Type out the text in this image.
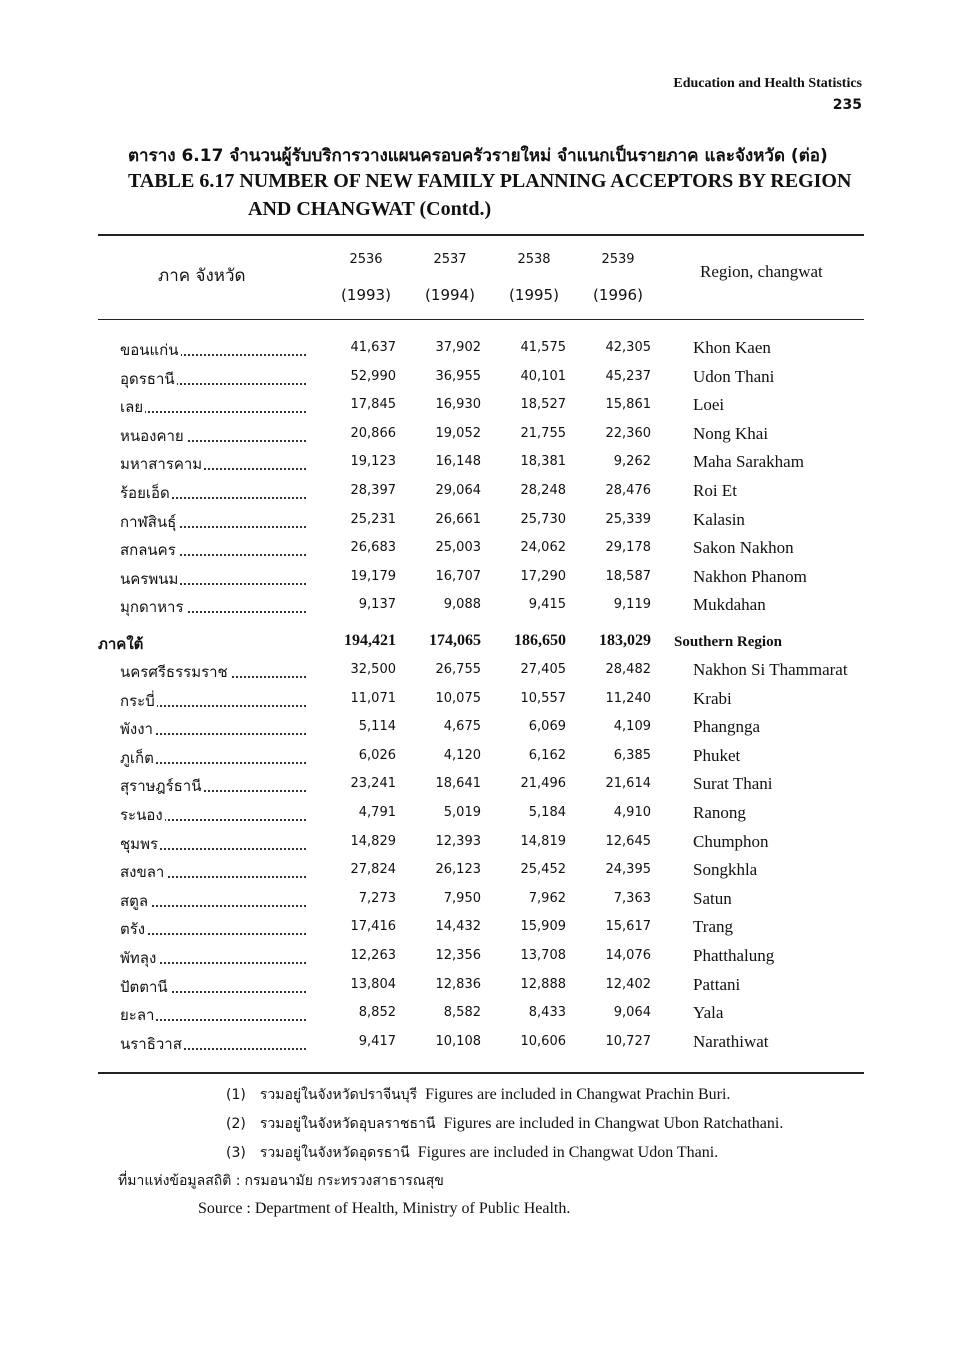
Education and Health Statistics
235
ตาราง 6.17 จำนวนผู้รับบริการวางแผนครอบครัวรายใหม่ จำแนกเป็นรายภาค และจังหวัด (ต่อ)
TABLE 6.17 NUMBER OF NEW FAMILY PLANNING ACCEPTORS BY REGION
AND CHANGWAT (Contd.)
ภาค จังหวัด	Region, changwat
2536	2537	2538	2539
(1993)	(1994)	(1995)	(1996)
ขอนแก่น	41,637	37,902	41,575	42,305 Khon Kaen
อุดรธานี	52,990	36,955	40,101	45,237 Udon Thani
เลย	17,845	16,930	18,527	15,861 Loei
หนองคาย	20,866	19,052	21,755	22,360 Nong Khai
มหาสารคาม	19,123	16,148	18,381	9,262 Maha Sarakham
ร้อยเอ็ด	28,397	29,064	28,248	28,476 Roi Et
กาฬสินธุ์	25,231	26,661	25,730	25,339 Kalasin
สกลนคร	26,683	25,003	24,062	29,178 Sakon Nakhon
นครพนม	19,179	16,707	17,290	18,587 Nakhon Phanom
มุกดาหาร	9,137	9,088	9,415	9,119 Mukdahan
ภาคใต้	194,421	174,065	186,650	183,029 Southern Region
นครศรีธรรมราช	32,500	26,755	27,405	28,482 Nakhon Si Thammarat
กระบี่	11,071	10,075	10,557	11,240 Krabi
พังงา	5,114	4,675	6,069	4,109 Phangnga
ภูเก็ต	6,026	4,120	6,162	6,385 Phuket
สุราษฎร์ธานี	23,241	18,641	21,496	21,614 Surat Thani
ระนอง	4,791	5,019	5,184	4,910 Ranong
ชุมพร	14,829	12,393	14,819	12,645 Chumphon
สงขลา	27,824	26,123	25,452	24,395 Songkhla
สตูล	7,273	7,950	7,962	7,363 Satun
ตรัง	17,416	14,432	15,909	15,617 Trang
พัทลุง	12,263	12,356	13,708	14,076 Phatthalung
ปัตตานี	13,804	12,836	12,888	12,402 Pattani
ยะลา	8,852	8,582	8,433	9,064 Yala
นราธิวาส	9,417	10,108	10,606	10,727 Narathiwat
(1) รวมอยู่ในจังหวัดปราจีนบุรี Figures are included in Changwat Prachin Buri.
(2) รวมอยู่ในจังหวัดอุบลราชธานี Figures are included in Changwat Ubon Ratchathani.
(3) รวมอยู่ในจังหวัดอุดรธานี Figures are included in Changwat Udon Thani.
ที่มาแห่งข้อมูลสถิติ : กรมอนามัย กระทรวงสาธารณสุข
Source : Department of Health, Ministry of Public Health.
